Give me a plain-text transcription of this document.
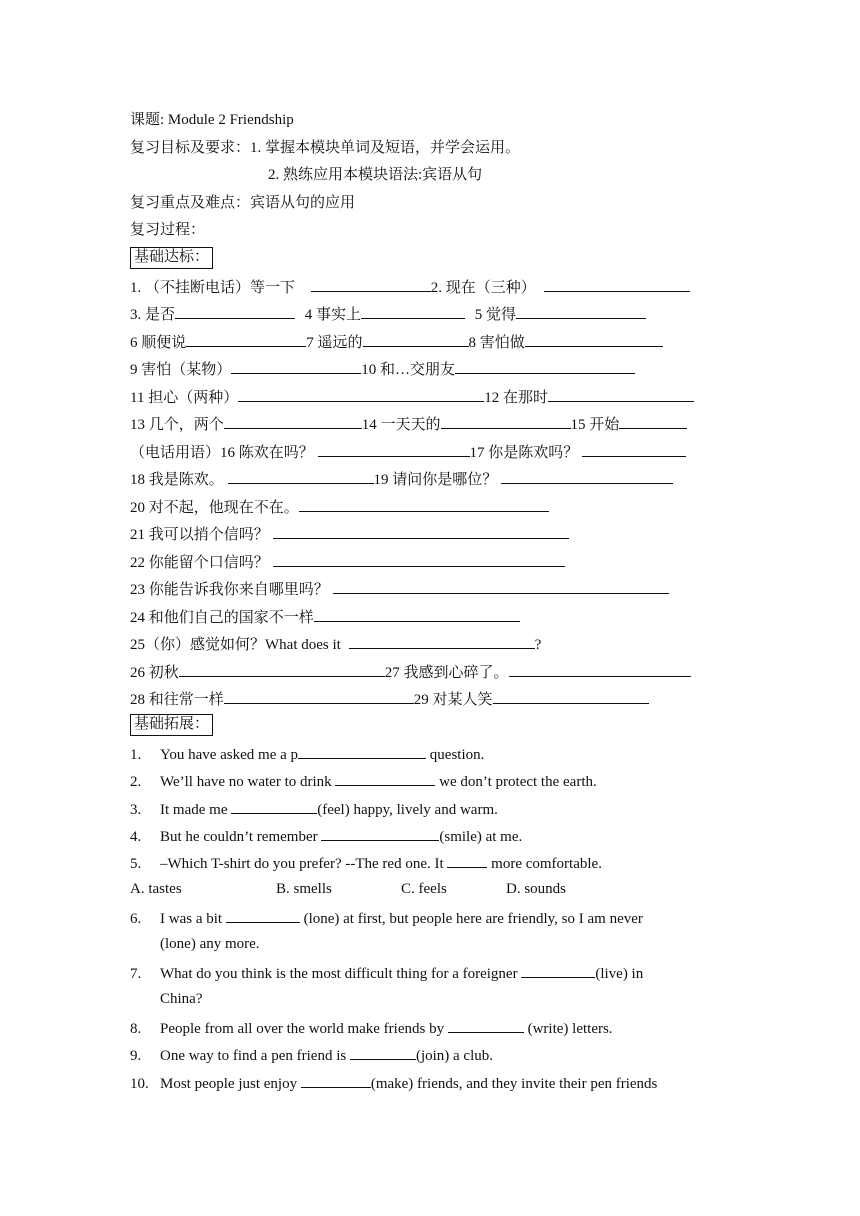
课题: Module 2 Friendship
复习目标及要求：1. 掌握本模块单词及短语，并学会运用。
2. 熟练应用本模块语法:宾语从句
复习重点及难点：宾语从句的应用
复习过程：
基础达标：
1. （不挂断电话）等一下	2. 现在（三种）
3. 是否	4 事实上	5 觉得
6 顺便说	7 遥远的	8 害怕做
9 害怕（某物）	10 和…交朋友
11 担心（两种）	12 在那时
13 几个，两个	14 一天天的	15 开始
（电话用语）16 陈欢在吗？	17 你是陈欢吗？
18 我是陈欢。	19 请问你是哪位？
20 对不起，他现在不在。
21 我可以捎个信吗？
22 你能留个口信吗？
23 你能告诉我你来自哪里吗？
24 和他们自己的国家不一样
25（你）感觉如何？What does it	?
26 初秋	27 我感到心碎了。
28 和往常一样	29 对某人笑
基础拓展：
1. You have asked me a p	question.
2. We’ll have no water to drink	we don’t protect the earth.
3. It made me	(feel) happy, lively and warm.
4. But he couldn’t remember	(smile) at me.
5. –Which T-shirt do you prefer? --The red one. It	more comfortable.
A. tastes	B. smells	C. feels	D. sounds
6. I was a bit	(lone) at first, but people here are friendly, so I am never
(lone) any more.
7. What do you think is the most difficult thing for a foreigner	(live) in
China?
8. People from all over the world make friends by	(write) letters.
9. One way to find a pen friend is	(join) a club.
10. Most people just enjoy	(make) friends, and they invite their pen friends
